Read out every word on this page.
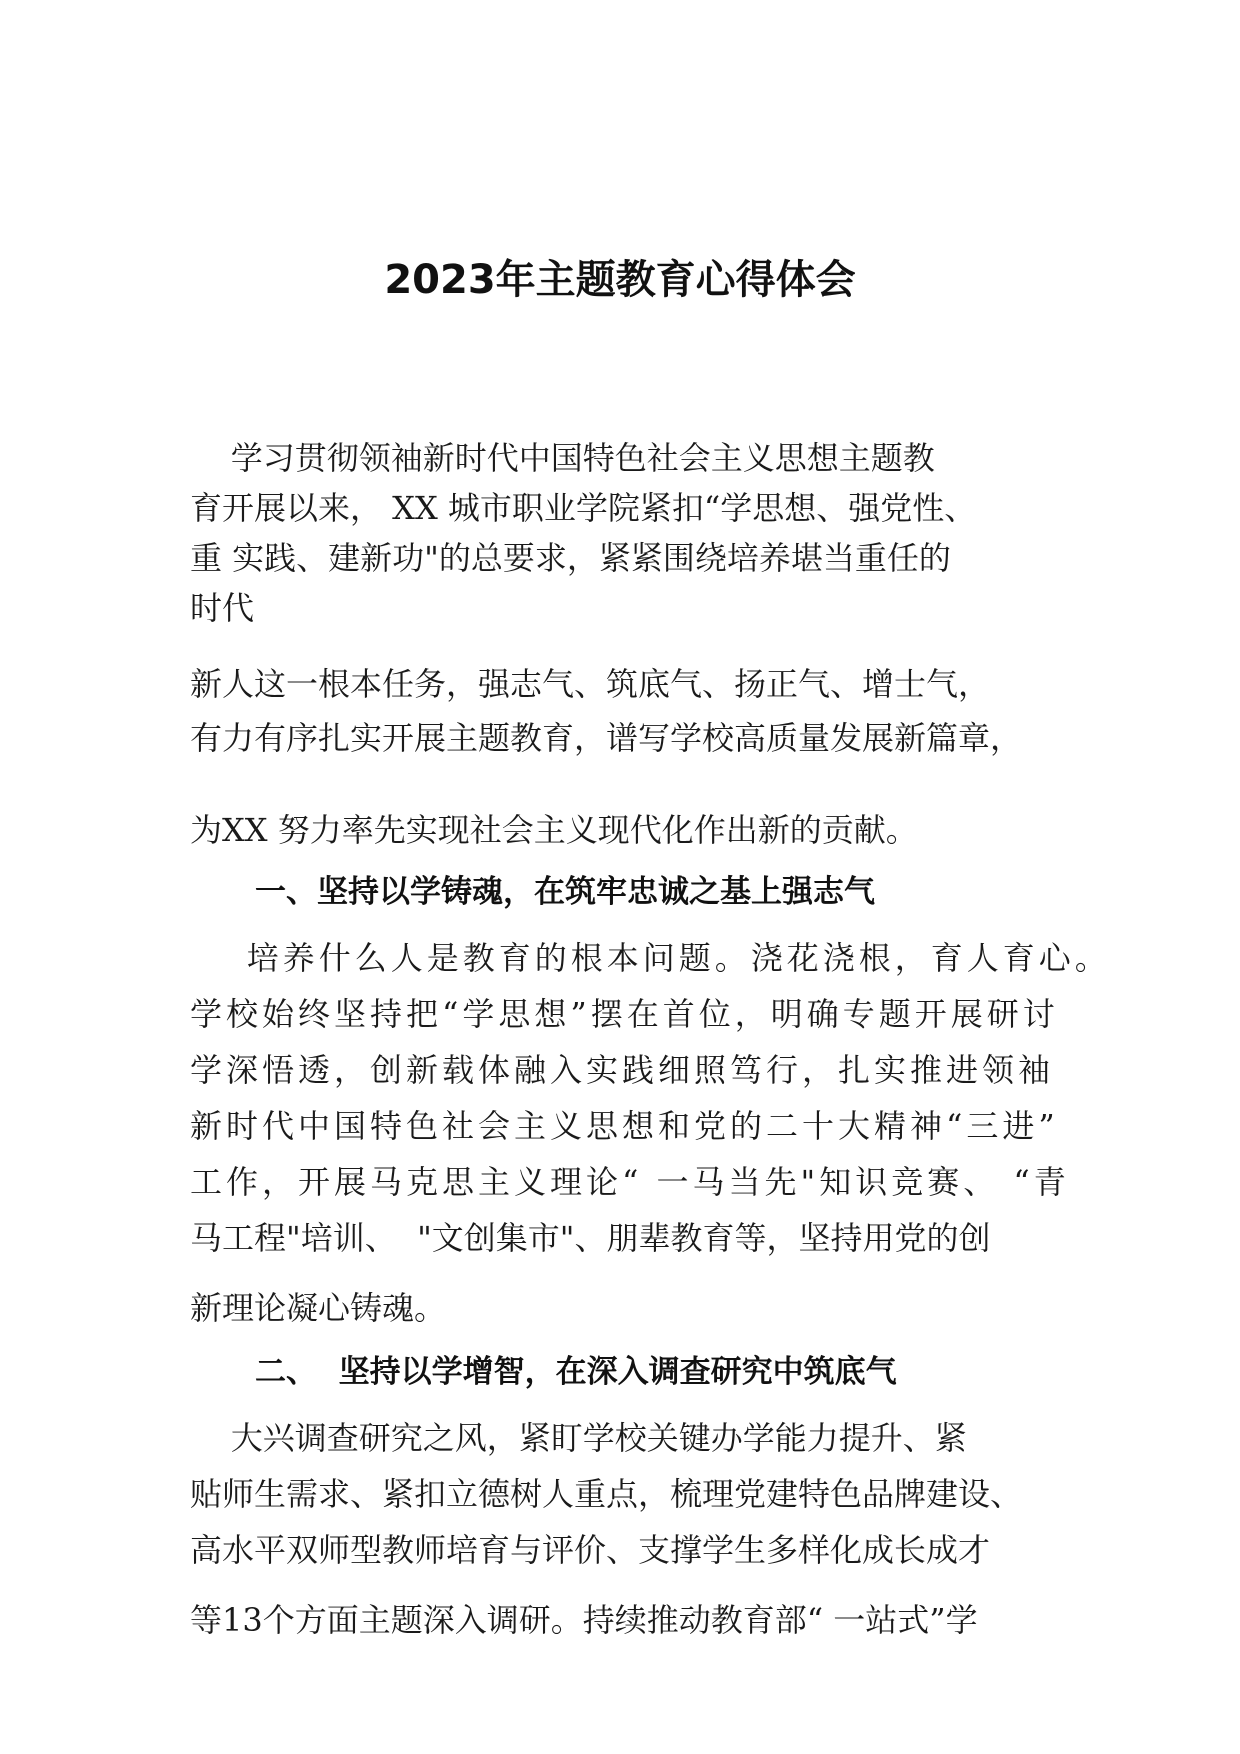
2023年主题教育心得体会
学习贯彻领袖新时代中国特色社会主义思想主题教
育开展以来， XX 城市职业学院紧扣“学思想、强党性、
重 实践、建新功"的总要求，紧紧围绕培养堪当重任的
时代
新人这一根本任务，强志气、筑底气、扬正气、增士气，
有力有序扎实开展主题教育，谱写学校高质量发展新篇章，
为XX 努力率先实现社会主义现代化作出新的贡献。
一、坚持以学铸魂，在筑牢忠诚之基上强志气
培养什么人是教育的根本问题。浇花浇根，育人育心。
学校始终坚持把“学思想”摆在首位，明确专题开展研讨
学深悟透，创新载体融入实践细照笃行，扎实推进领袖
新时代中国特色社会主义思想和党的二十大精神“三进”
工作，开展马克思主义理论“ 一马当先"知识竞赛、 “青
马工程"培训、  "文创集市"、朋辈教育等，坚持用党的创
新理论凝心铸魂。
二、  坚持以学增智，在深入调查研究中筑底气
大兴调查研究之风，紧盯学校关键办学能力提升、紧
贴师生需求、紧扣立德树人重点，梳理党建特色品牌建设、
高水平双师型教师培育与评价、支撑学生多样化成长成才
等13个方面主题深入调研。持续推动教育部“ 一站式”学
